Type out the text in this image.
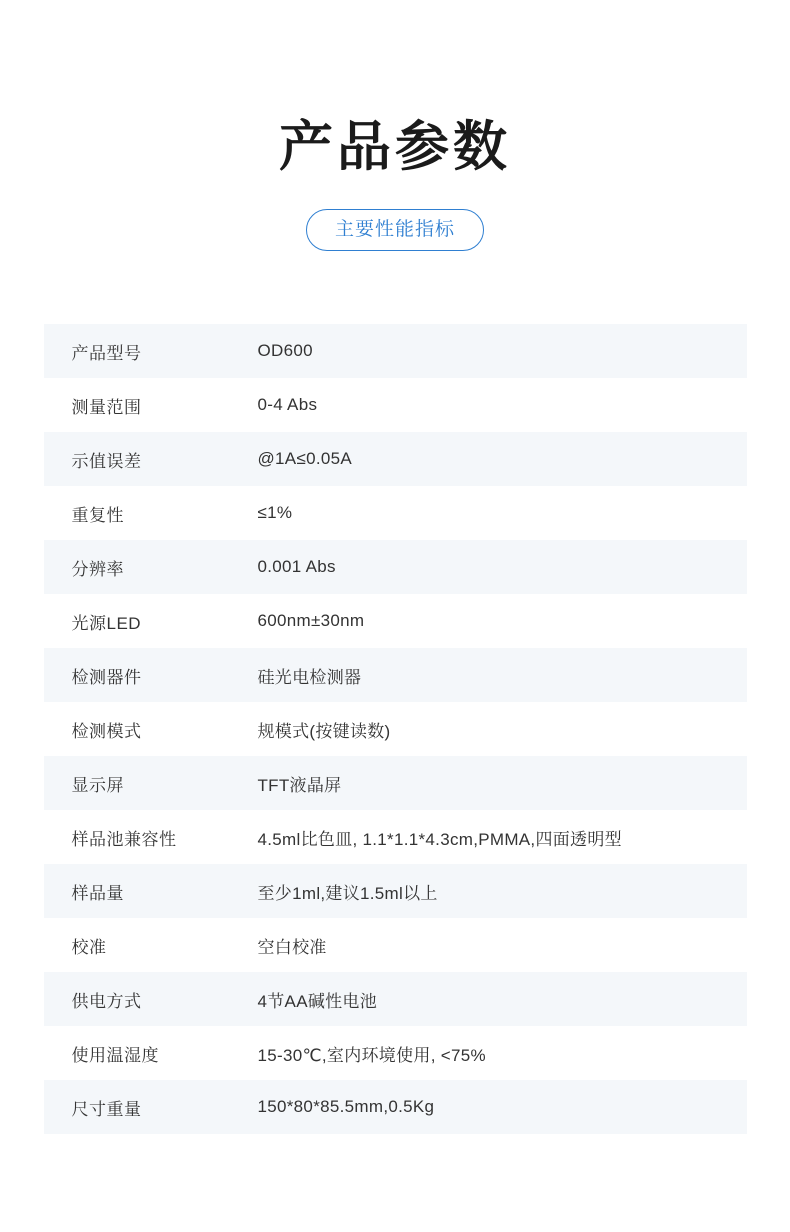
产品参数
主要性能指标
产品型号	OD600
测量范围	0-4 Abs
示值误差	@1A≤0.05A
重复性	≤1%
分辨率	0.001 Abs
光源LED	600nm±30nm
检测器件	硅光电检测器
检测模式	规模式(按键读数)
显示屏	TFT液晶屏
样品池兼容性	4.5ml比色皿, 1.1*1.1*4.3cm,PMMA,四面透明型
样品量	至少1ml,建议1.5ml以上
校准	空白校准
供电方式	4节AA碱性电池
使用温湿度	15-30℃,室内环境使用, <75%
尺寸重量	150*80*85.5mm,0.5Kg
